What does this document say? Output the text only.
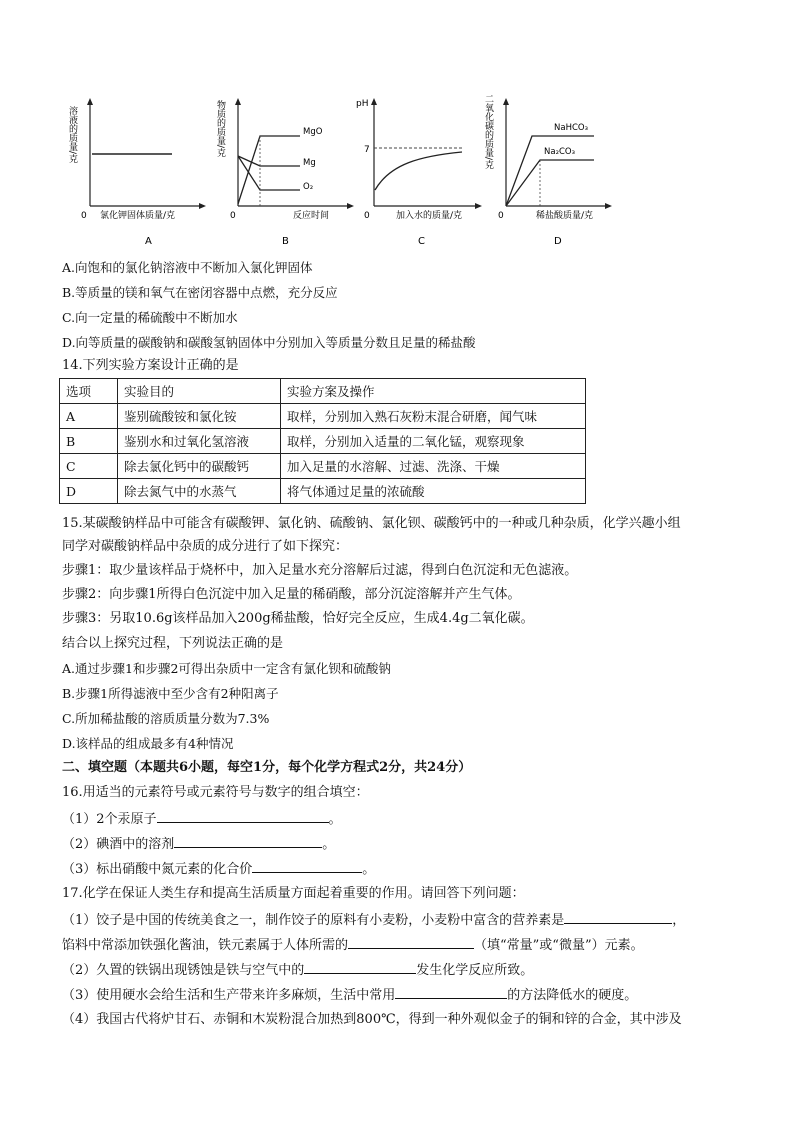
0 氯化钾固体质量/克
A
溶液的质量/克	MgO
Mg
O₂
0	反应时间
B
物质的质量/克	pH
7
0	加入水的质量/克
C
NaHCO₃
Na₂CO₃
0	稀盐酸质量/克
D
二氧化碳的质量/克
A.向饱和的氯化钠溶液中不断加入氯化钾固体
B.等质量的镁和氧气在密闭容器中点燃，充分反应
C.向一定量的稀硫酸中不断加水
D.向等质量的碳酸钠和碳酸氢钠固体中分别加入等质量分数且足量的稀盐酸
14.下列实验方案设计正确的是
选项	实验目的	实验方案及操作
A	鉴别硫酸铵和氯化铵	取样，分别加入熟石灰粉末混合研磨，闻气味
B	鉴别水和过氧化氢溶液	取样，分别加入适量的二氧化锰，观察现象
C	除去氯化钙中的碳酸钙	加入足量的水溶解、过滤、洗涤、干燥
D	除去氮气中的水蒸气	将气体通过足量的浓硫酸
15.某碳酸钠样品中可能含有碳酸钾、氯化钠、硫酸钠、氯化钡、碳酸钙中的一种或几种杂质，化学兴趣小组
同学对碳酸钠样品中杂质的成分进行了如下探究：
步骤1：取少量该样品于烧杯中，加入足量水充分溶解后过滤，得到白色沉淀和无色滤液。
步骤2：向步骤1所得白色沉淀中加入足量的稀硝酸，部分沉淀溶解并产生气体。
步骤3：另取10.6g该样品加入200g稀盐酸，恰好完全反应，生成4.4g二氧化碳。
结合以上探究过程，下列说法正确的是
A.通过步骤1和步骤2可得出杂质中一定含有氯化钡和硫酸钠
B.步骤1所得滤液中至少含有2种阳离子
C.所加稀盐酸的溶质质量分数为7.3%
D.该样品的组成最多有4种情况
二、填空题（本题共6小题，每空1分，每个化学方程式2分，共24分）
16.用适当的元素符号或元素符号与数字的组合填空：
（1）2个汞原子	。
（2）碘酒中的溶剂	。
（3）标出硝酸中氮元素的化合价	。
17.化学在保证人类生存和提高生活质量方面起着重要的作用。请回答下列问题：
（1）饺子是中国的传统美食之一，制作饺子的原料有小麦粉，小麦粉中富含的营养素是	，
馅料中常添加铁强化酱油，铁元素属于人体所需的	（填“常量”或“微量”）元素。
（2）久置的铁锅出现锈蚀是铁与空气中的	发生化学反应所致。
（3）使用硬水会给生活和生产带来许多麻烦，生活中常用	的方法降低水的硬度。
（4）我国古代将炉甘石、赤铜和木炭粉混合加热到800℃，得到一种外观似金子的铜和锌的合金，其中涉及
